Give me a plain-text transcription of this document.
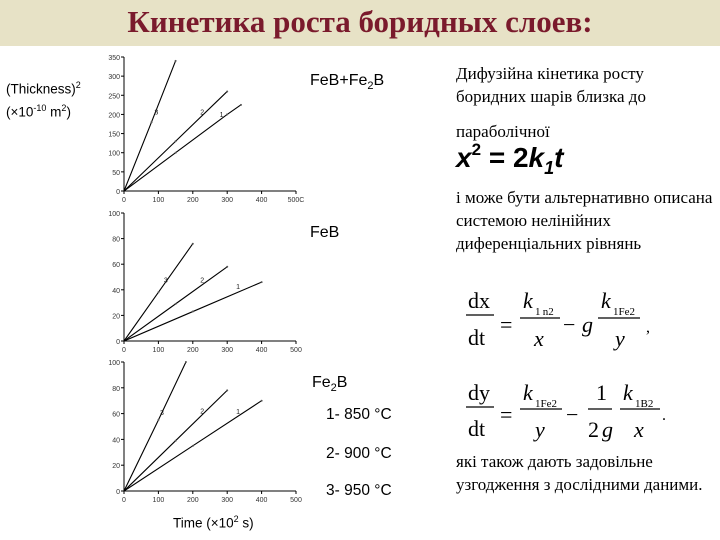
Кинетика роста боридных слоев:
(Thickness)$^2$
($\times 10^{-10}$ $m^2$)
0
50
100
150
200
250
300
350
0	100	200	300	400	500C
3	2 1
0
20
40
60
80
100
0	100	200	300	400	500
3	2
1
0
20
40
60
80
100
0	100	200	300	400	500
3	2	1
$FeB+Fe_2B$
FeB
$Fe_2B$
1- 850 °C
2- 900 °C
3- 950 °C
Time ($\times 10^2$ s)
Дифузійна кінетика росту боридних шарів близка до
параболічної
$x^2 = 2k1t$
і може бути альтернативно описана системою нелінійних диференціальних рівнянь
dx
dt
=
k 1 n2
x
− g
k 1Fe2
y ,
dy
dt
=
k 1Fe2
y
−
1
2 g
k 1B2
x
.
які також дають задовільне узгодження з дослідними даними.
